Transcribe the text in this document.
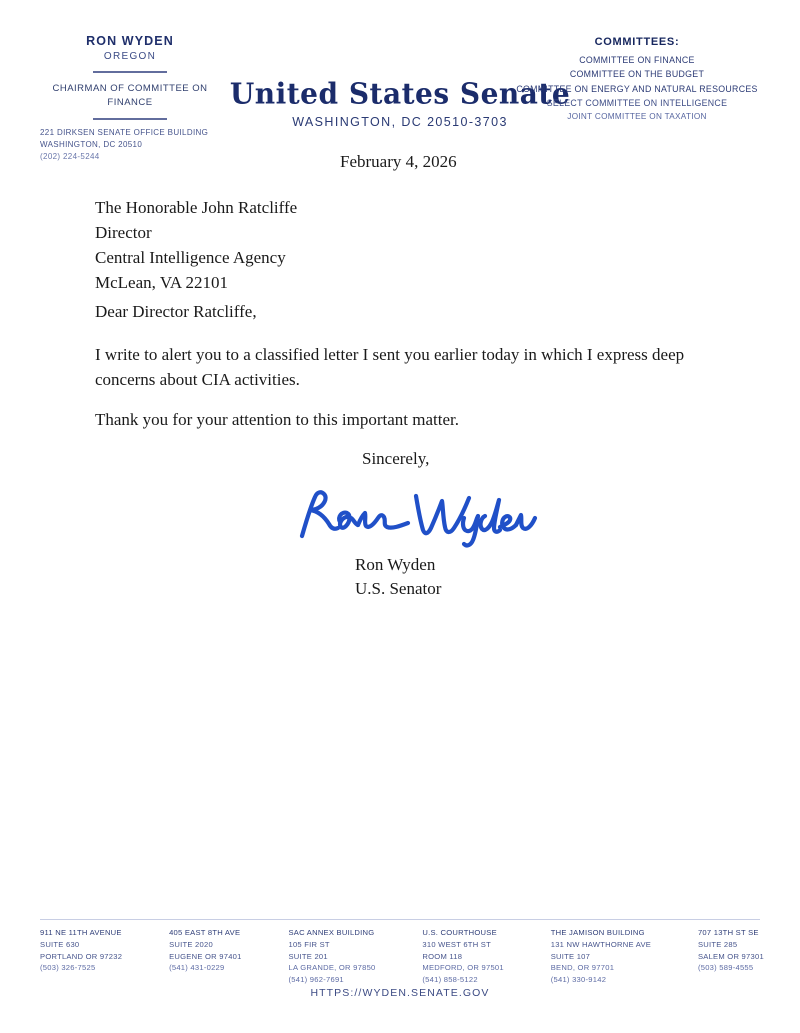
RON WYDEN
OREGON
CHAIRMAN OF COMMITTEE ON
FINANCE
221 DIRKSEN SENATE OFFICE BUILDING
WASHINGTON, DC 20510
(202) 224-5244
United States Senate
WASHINGTON, DC 20510-3703
COMMITTEES:
COMMITTEE ON FINANCE
COMMITTEE ON THE BUDGET
COMMITTEE ON ENERGY AND NATURAL RESOURCES
SELECT COMMITTEE ON INTELLIGENCE
JOINT COMMITTEE ON TAXATION
February 4, 2026
The Honorable John Ratcliffe
Director
Central Intelligence Agency
McLean, VA 22101
Dear Director Ratcliffe,
I write to alert you to a classified letter I sent you earlier today in which I express deep concerns about CIA activities.
Thank you for your attention to this important matter.
Sincerely,
Ron Wyden
U.S. Senator
911 NE 11TH AVENUE
SUITE 630
PORTLAND OR 97232
(503) 326-7525
405 EAST 8TH AVE
SUITE 2020
EUGENE OR 97401
(541) 431-0229
SAC ANNEX BUILDING
105 FIR ST
SUITE 201
LA GRANDE, OR 97850
(541) 962-7691
U.S. COURTHOUSE
310 WEST 6TH ST
ROOM 118
MEDFORD, OR 97501
(541) 858-5122
THE JAMISON BUILDING
131 NW HAWTHORNE AVE
SUITE 107
BEND, OR 97701
(541) 330-9142
707 13TH ST SE
SUITE 285
SALEM OR 97301
(503) 589-4555
HTTPS://WYDEN.SENATE.GOV
